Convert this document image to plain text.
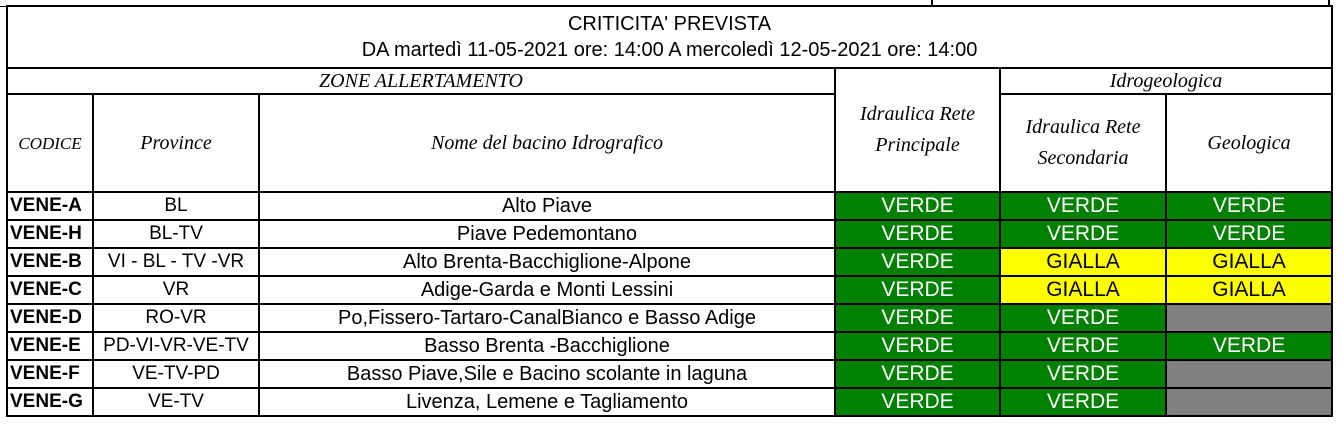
CRITICITA' PREVISTA
DA martedì 11-05-2021 ore: 14:00 A mercoledì 12-05-2021 ore: 14:00					

ZONE ALLERTAMENTO			Idraulica Rete Principale	Idrogeologica	
CODICE	Province	Nome del bacino Idrografico		Idraulica Rete Secondaria	Geologica
VENE-A	BL	Alto Piave	VERDE	VERDE	VERDE
VENE-H	BL-TV	Piave Pedemontano	VERDE	VERDE	VERDE
VENE-B	VI - BL - TV -VR	Alto Brenta-Bacchiglione-Alpone	VERDE	GIALLA	GIALLA
VENE-C	VR	Adige-Garda e Monti Lessini	VERDE	GIALLA	GIALLA
VENE-D	RO-VR	Po,Fissero-Tartaro-CanalBianco e Basso Adige	VERDE	VERDE	
VENE-E	PD-VI-VR-VE-TV	Basso Brenta -Bacchiglione	VERDE	VERDE	VERDE
VENE-F	VE-TV-PD	Basso Piave,Sile e Bacino scolante in laguna	VERDE	VERDE	
VENE-G	VE-TV	Livenza, Lemene e Tagliamento	VERDE	VERDE	
